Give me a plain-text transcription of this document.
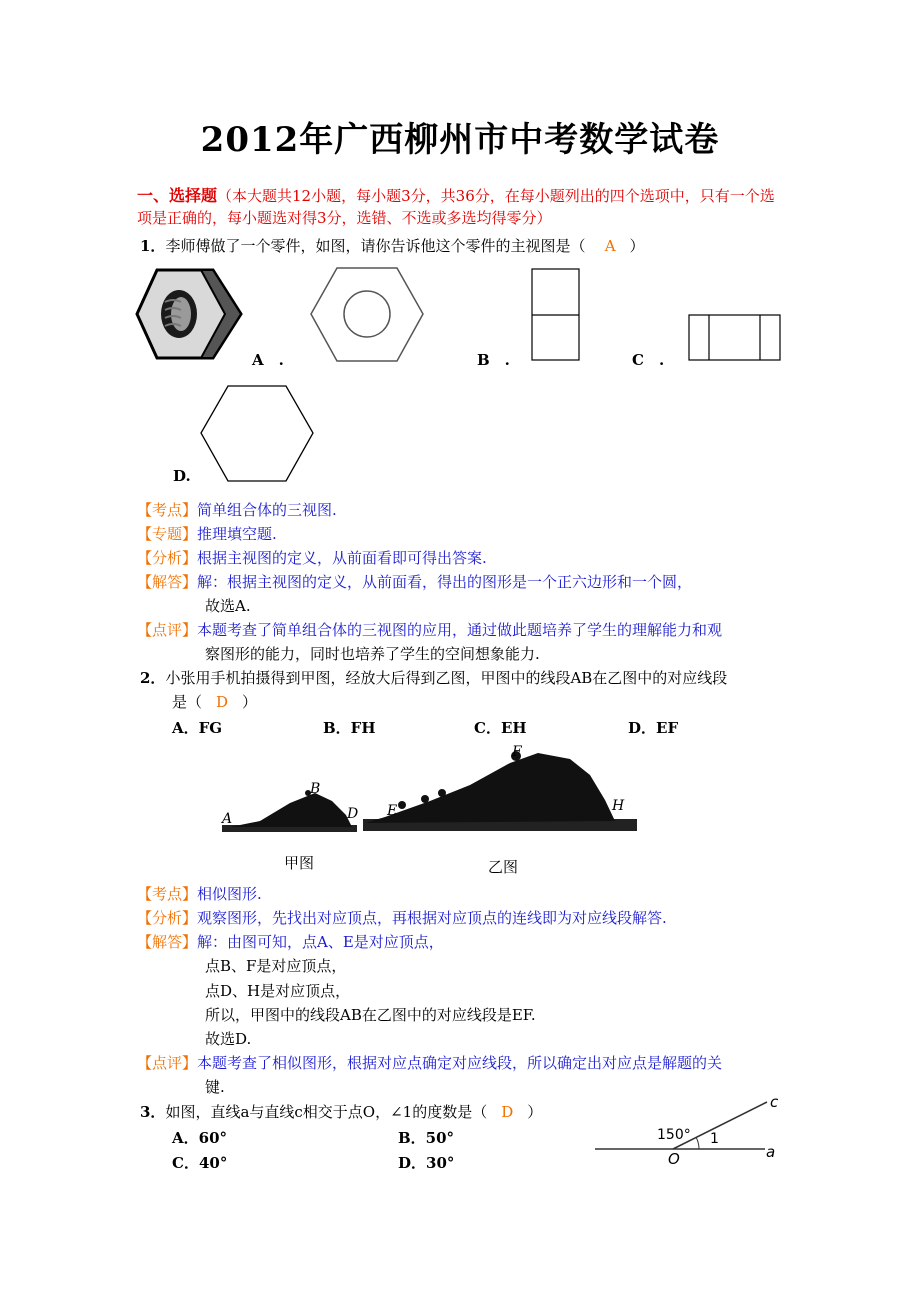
2012年广西柳州市中考数学试卷
一、选择题（本大题共12小题，每小题3分，共36分，在每小题列出的四个选项中，只有一个选项是正确的，每小题选对得3分，选错、不选或多选均得零分）
1．李师傅做了一个零件，如图，请你告诉他这个零件的主视图是（ A ）
A　.	B　.	C　.
D.
【考点】简单组合体的三视图.
【专题】推理填空题.
【分析】根据主视图的定义，从前面看即可得出答案.
【解答】解：根据主视图的定义，从前面看，得出的图形是一个正六边形和一个圆，
故选A.
【点评】本题考查了简单组合体的三视图的应用，通过做此题培养了学生的理解能力和观
察图形的能力，同时也培养了学生的空间想象能力.
2．小张用手机拍摄得到甲图，经放大后得到乙图，甲图中的线段AB在乙图中的对应线段
是（ D ）
A．FG	B．FH	C．EH	D．EF
A
B
D E
F
H
甲图	乙图
【考点】相似图形.
【分析】观察图形，先找出对应顶点，再根据对应顶点的连线即为对应线段解答.
【解答】解：由图可知，点A、E是对应顶点，
点B、F是对应顶点，
点D、H是对应顶点，
所以，甲图中的线段AB在乙图中的对应线段是EF.
故选D.
【点评】本题考查了相似图形，根据对应点确定对应线段，所以确定出对应点是解题的关
键.
3．如图，直线a与直线c相交于点O，∠1的度数是（ D ）
A．60°	B．50°
C．40°	D．30°
150° 1
O	a
c
